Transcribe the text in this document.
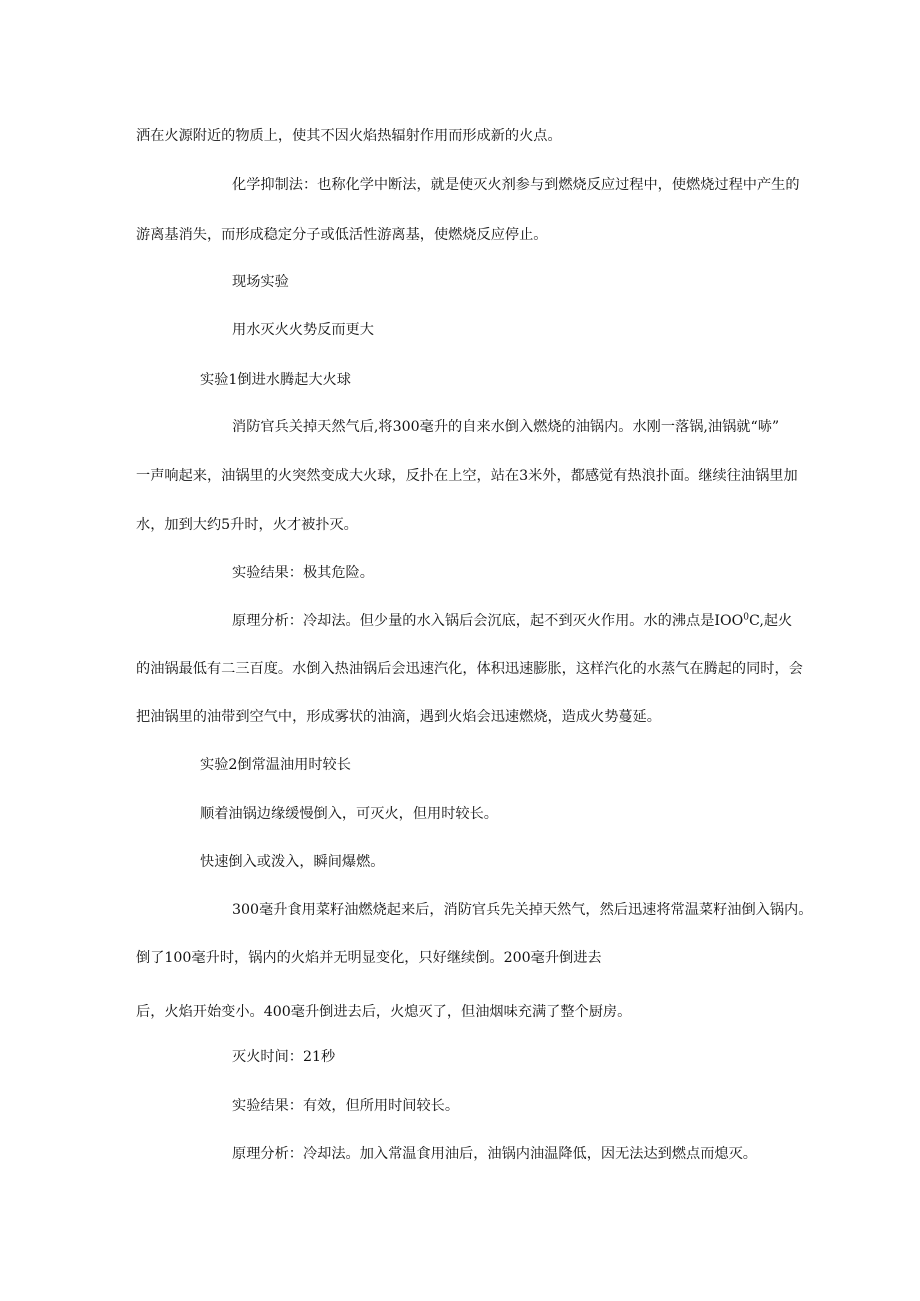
洒在火源附近的物质上，使其不因火焰热辐射作用而形成新的火点。

化学抑制法：也称化学中断法，就是使灭火剂参与到燃烧反应过程中，使燃烧过程中产生的

游离基消失，而形成稳定分子或低活性游离基，使燃烧反应停止。

现场实验

用水灭火火势反而更大

实验1倒进水腾起大火球

消防官兵关掉天然气后,将300毫升的自来水倒入燃烧的油锅内。水刚一落锅,油锅就“哧”

一声响起来，油锅里的火突然变成大火球，反扑在上空，站在3米外，都感觉有热浪扑面。继续往油锅里加

水，加到大约5升时，火才被扑灭。

实验结果：极其危险。

原理分析：冷却法。但少量的水入锅后会沉底，起不到灭火作用。水的沸点是IOO$^0$C,起火

的油锅最低有二三百度。水倒入热油锅后会迅速汽化，体积迅速膨胀，这样汽化的水蒸气在腾起的同时，会

把油锅里的油带到空气中，形成雾状的油滴，遇到火焰会迅速燃烧，造成火势蔓延。

实验2倒常温油用时较长

顺着油锅边缘缓慢倒入，可灭火，但用时较长。

快速倒入或泼入，瞬间爆燃。

300毫升食用菜籽油燃烧起来后，消防官兵先关掉天然气，然后迅速将常温菜籽油倒入锅内。

倒了100毫升时，锅内的火焰并无明显变化，只好继续倒。200毫升倒进去

后，火焰开始变小。400毫升倒进去后，火熄灭了，但油烟味充满了整个厨房。

灭火时间：21秒

实验结果：有效，但所用时间较长。

原理分析：冷却法。加入常温食用油后，油锅内油温降低，因无法达到燃点而熄灭。
